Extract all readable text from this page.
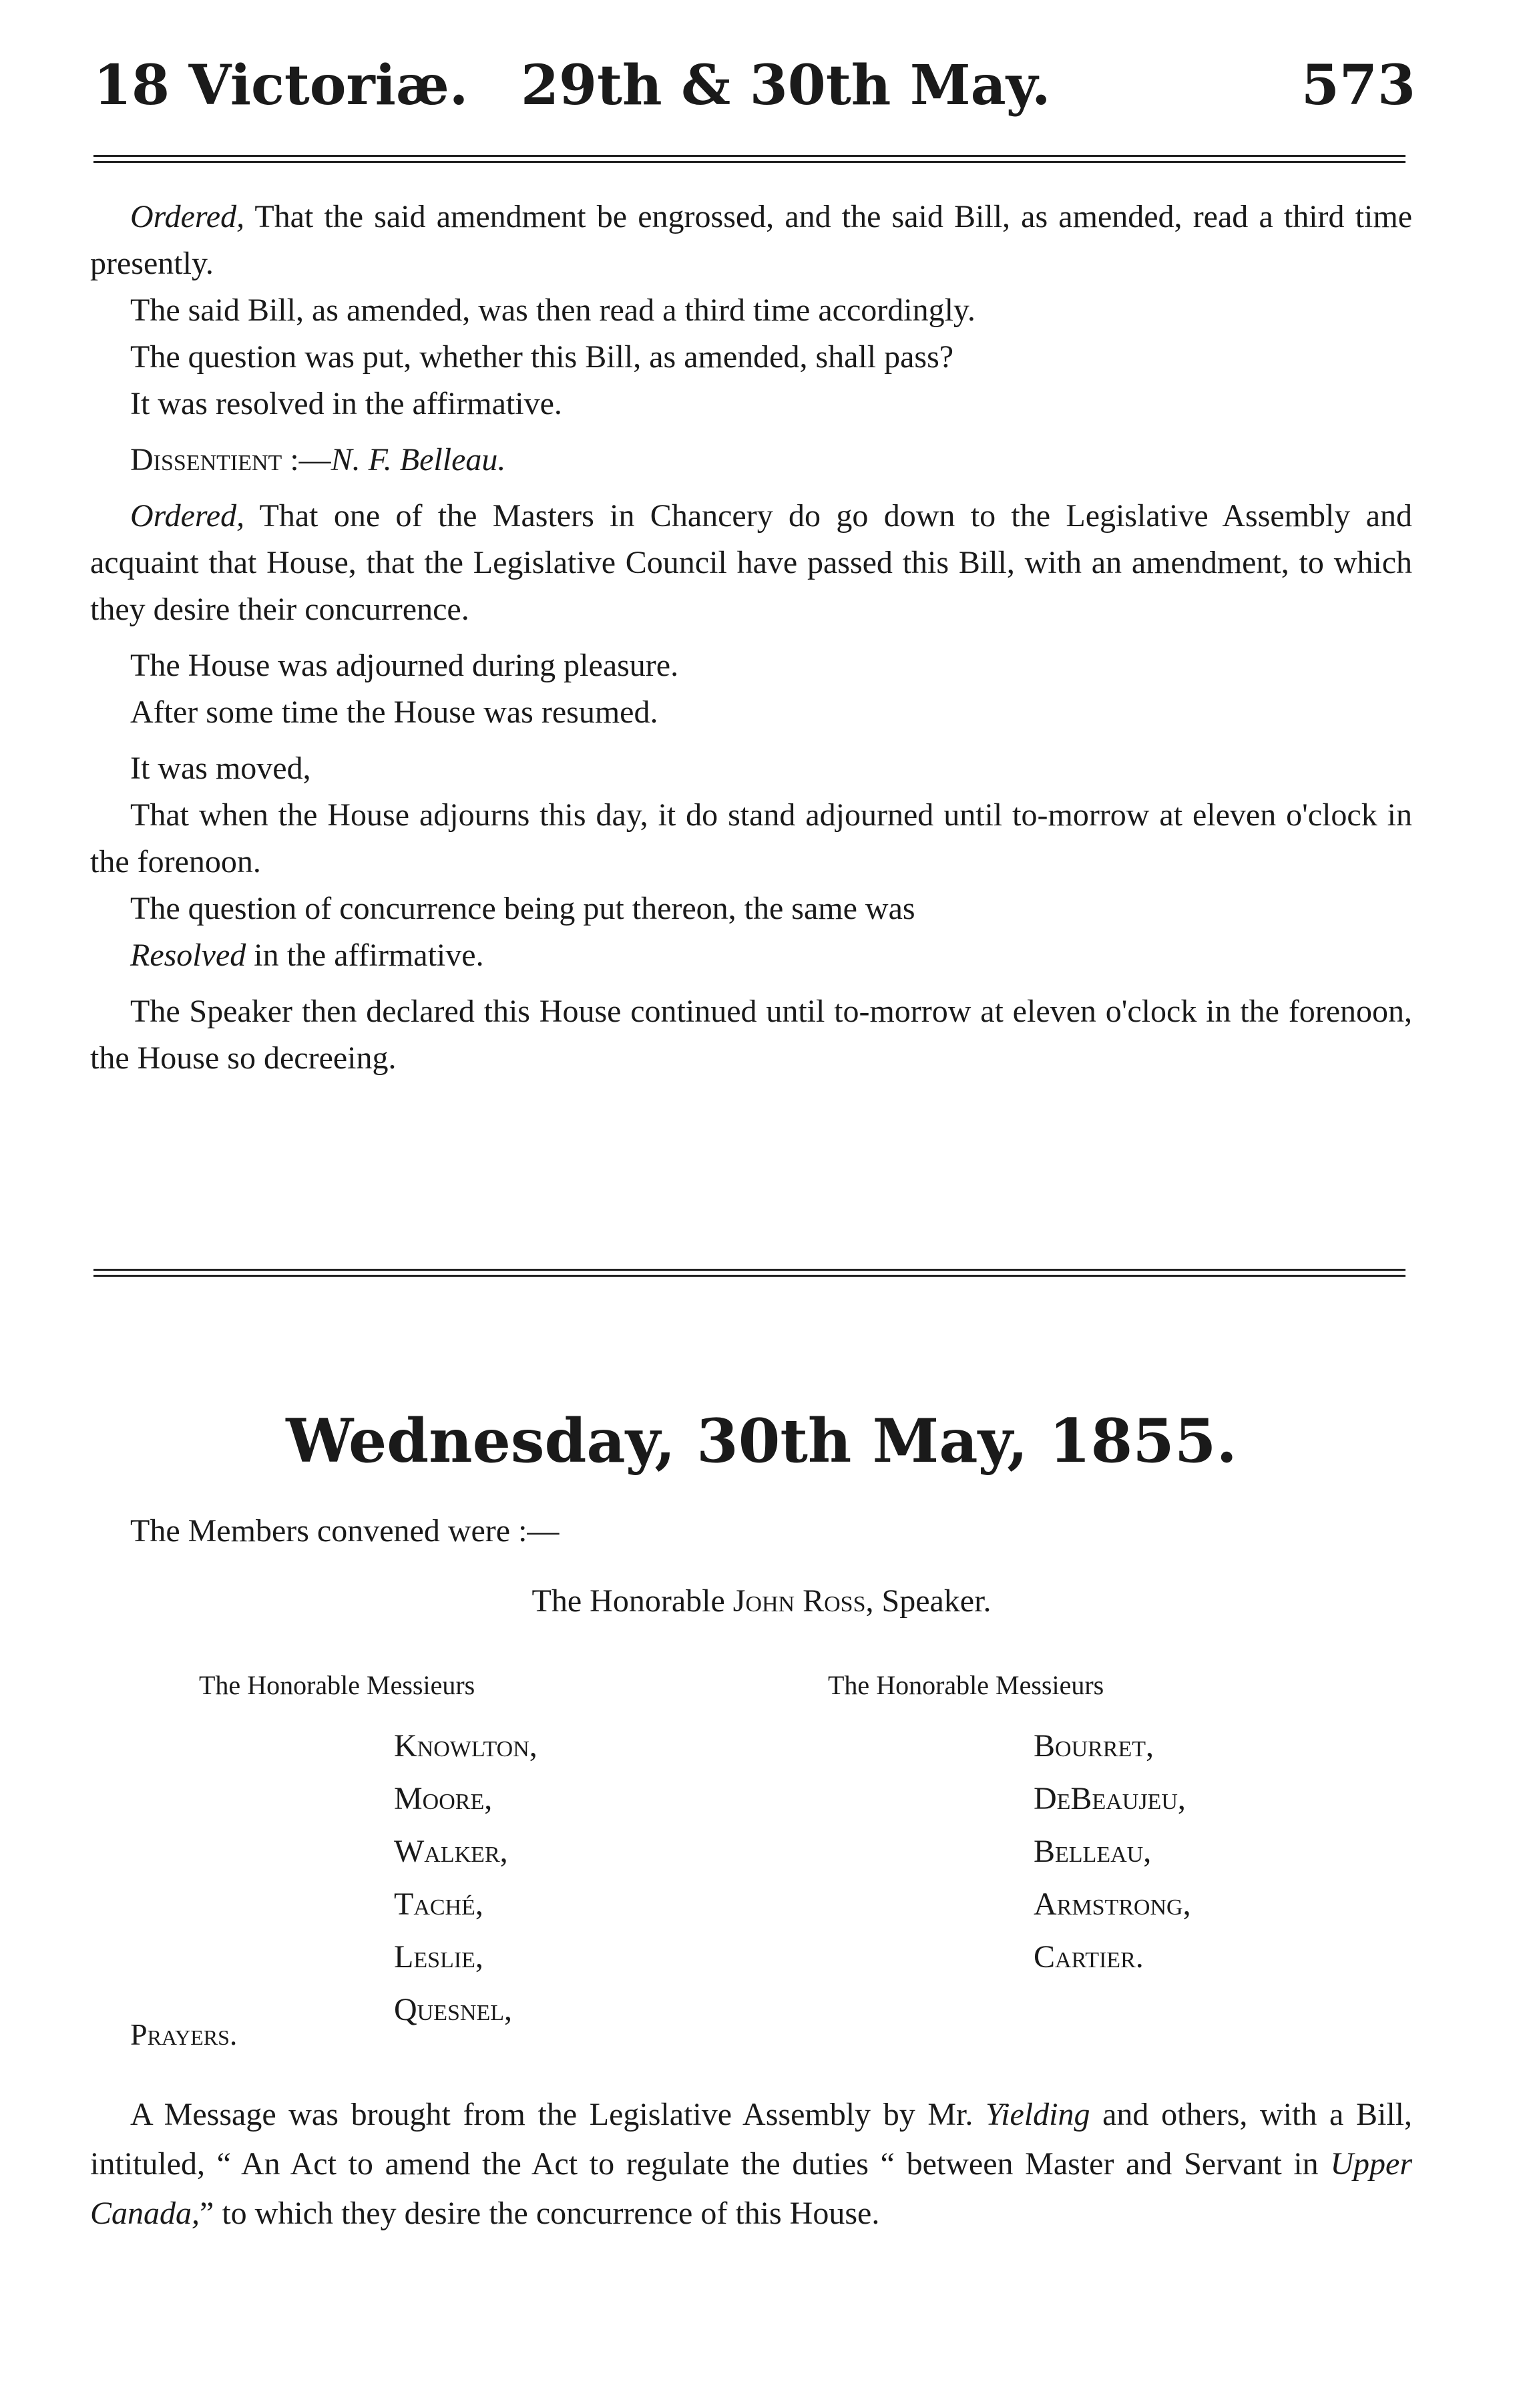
18 Victoriæ. 29th & 30th May.	573

Ordered, That the said amendment be engrossed, and the said Bill, as amended, read a third time presently.

The said Bill, as amended, was then read a third time accordingly.

The question was put, whether this Bill, as amended, shall pass?

It was resolved in the affirmative.

Dissentient :—N. F. Belleau.

Ordered, That one of the Masters in Chancery do go down to the Legislative Assembly and acquaint that House, that the Legislative Council have passed this Bill, with an amendment, to which they desire their concurrence.

The House was adjourned during pleasure.

After some time the House was resumed.

It was moved,

That when the House adjourns this day, it do stand adjourned until to-morrow at eleven o'clock in the forenoon.

The question of concurrence being put thereon, the same was

Resolved in the affirmative.

The Speaker then declared this House continued until to-morrow at eleven o'clock in the forenoon, the House so decreeing.

Wednesday, 30th May, 1855.
The Members convened were :—
The Honorable John Ross, Speaker.
The Honorable Messieurs	The Honorable Messieurs
Knowlton,
Moore,
Walker,
Taché,
Leslie,
Quesnel,
Bourret,
DeBeaujeu,
Belleau,
Armstrong,
Cartier.
Prayers.

A Message was brought from the Legislative Assembly by Mr. Yielding and others, with a Bill, intituled, “ An Act to amend the Act to regulate the duties “ between Master and Servant in Upper Canada,” to which they desire the concurrence of this House.
